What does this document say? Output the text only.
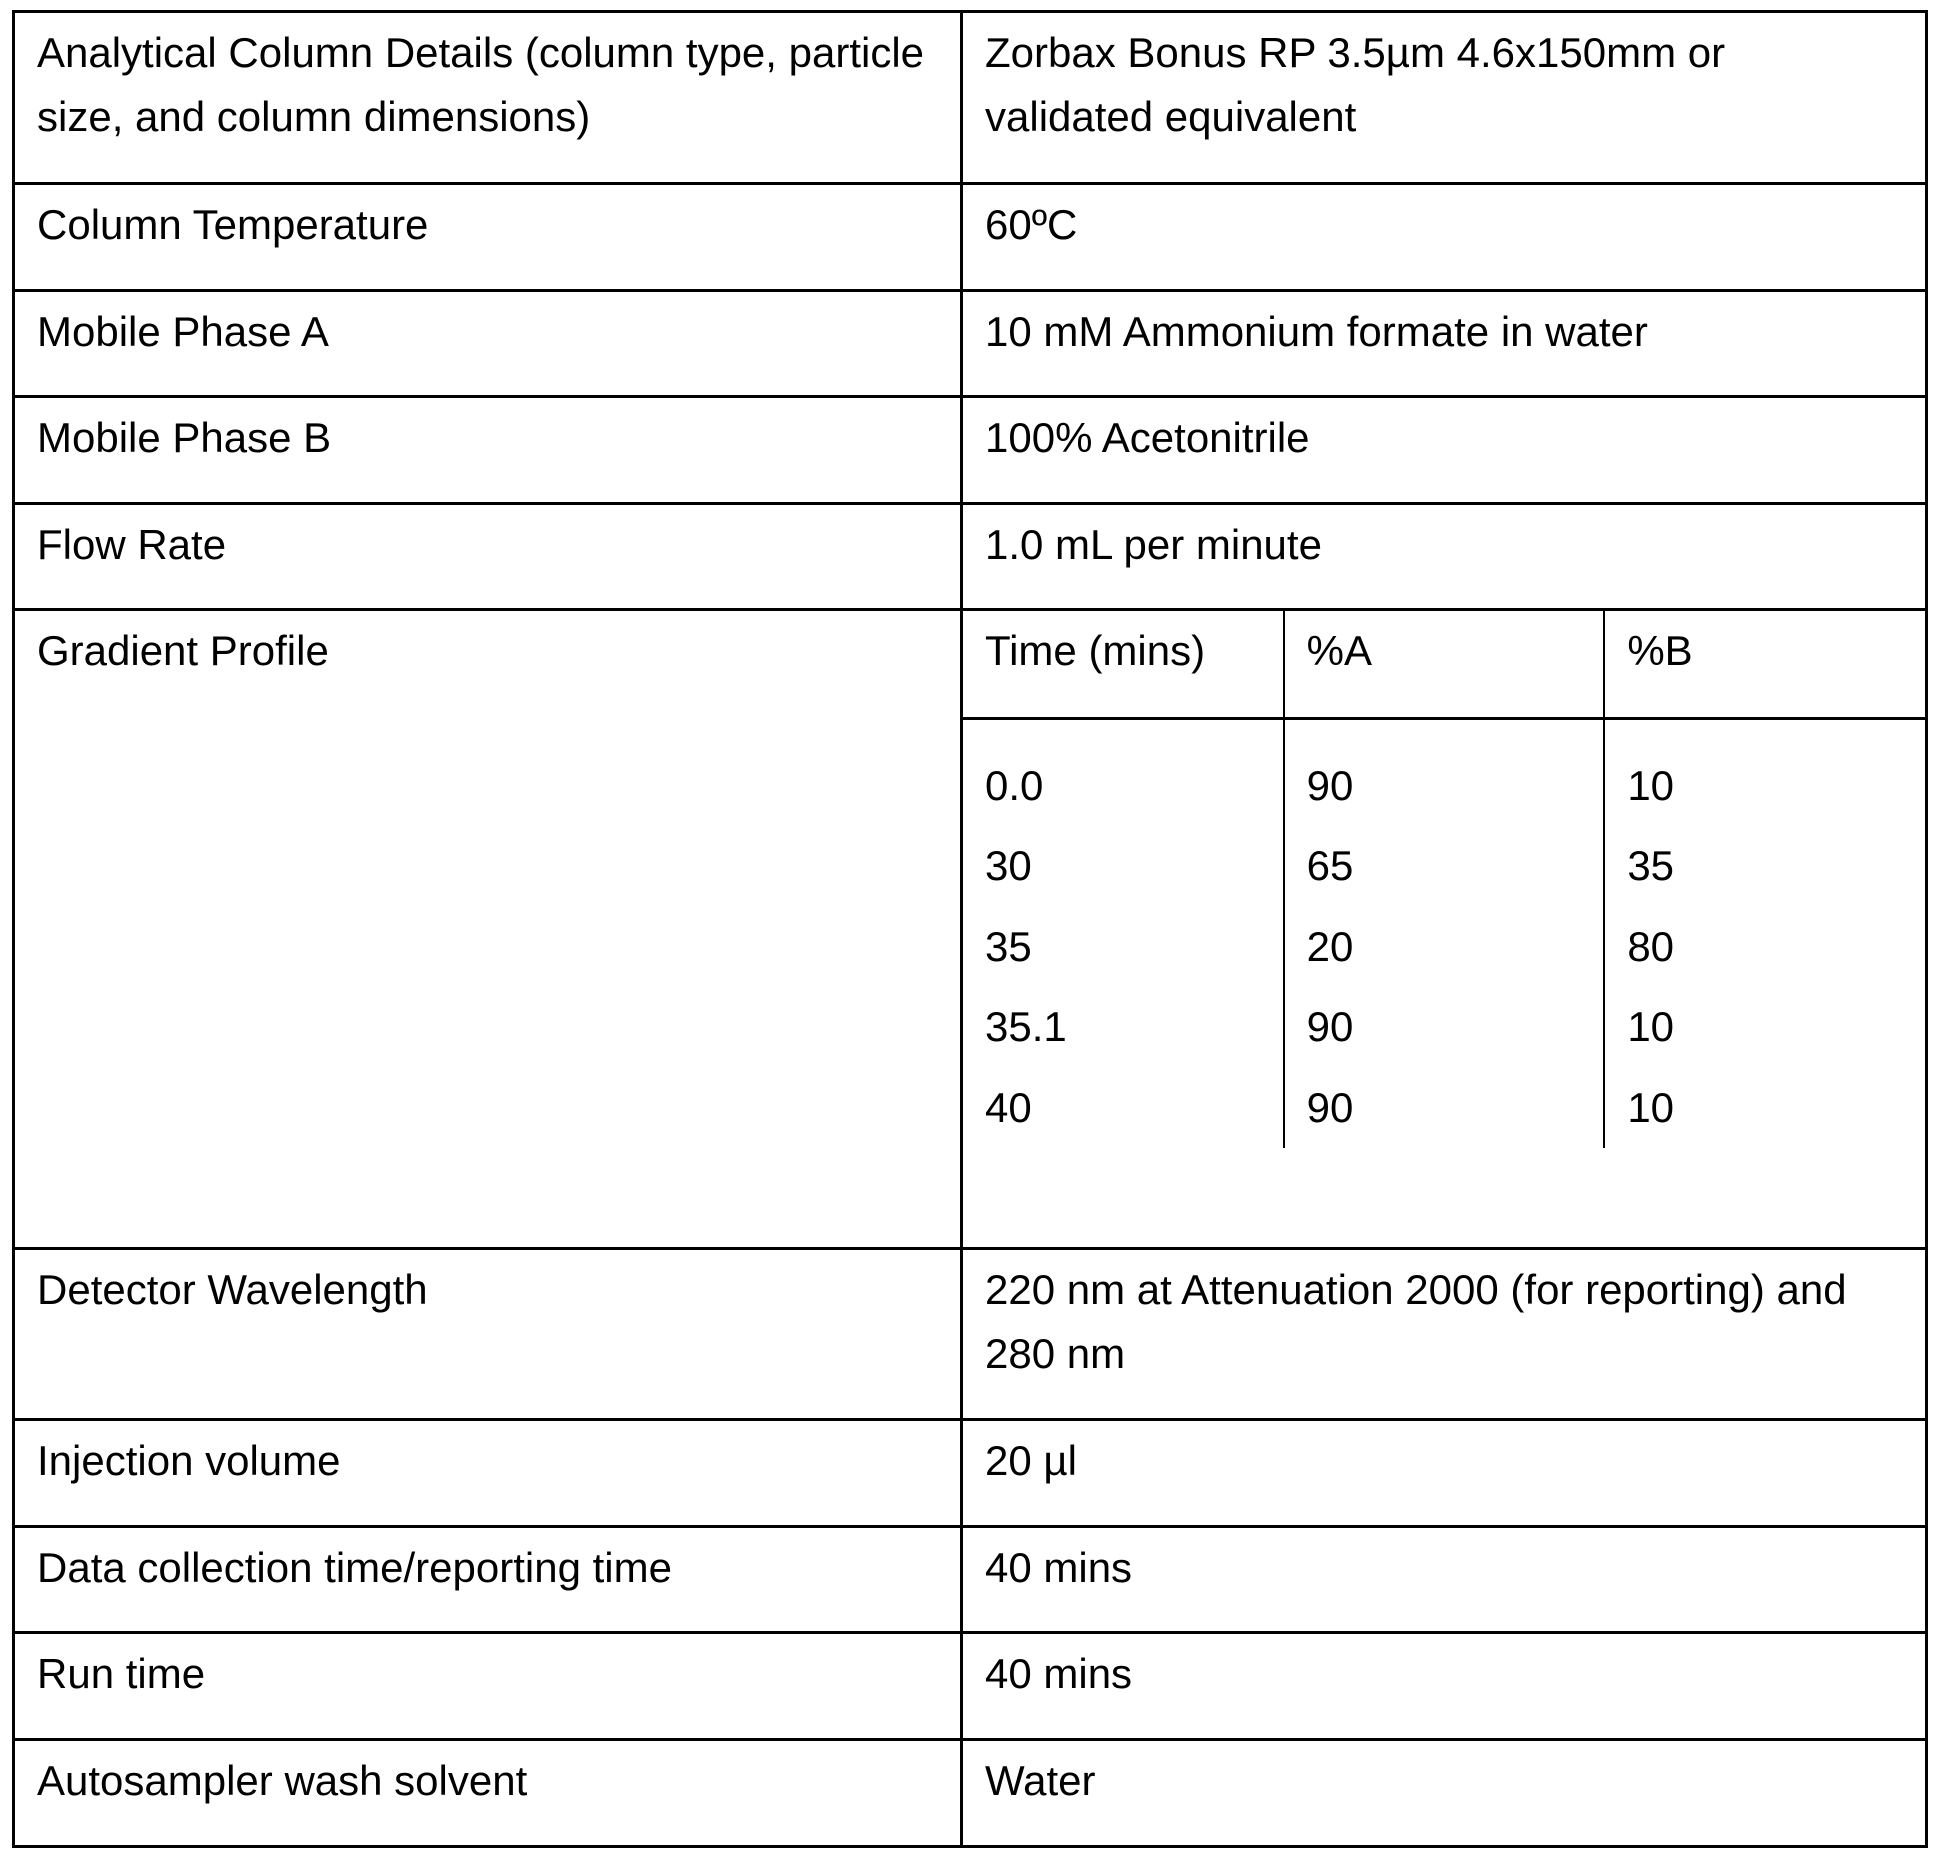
Analytical Column Details (column type, particle size, and column dimensions)	Zorbax Bonus RP 3.5µm 4.6x150mm or validated equivalent
Column Temperature	60ºC
Mobile Phase A	10 mM Ammonium formate in water
Mobile Phase B	100% Acetonitrile
Flow Rate	1.0 mL per minute
Gradient Profile		Time (mins)	%A	%B

0.0
30
35
35.1
40

90
65
20
90
90

10
35
80
10
10

Detector Wavelength	220 nm at Attenuation 2000 (for reporting) and 280 nm
Injection volume	20 µl
Data collection time/reporting time	40 mins
Run time	40 mins
Autosampler wash solvent	Water
